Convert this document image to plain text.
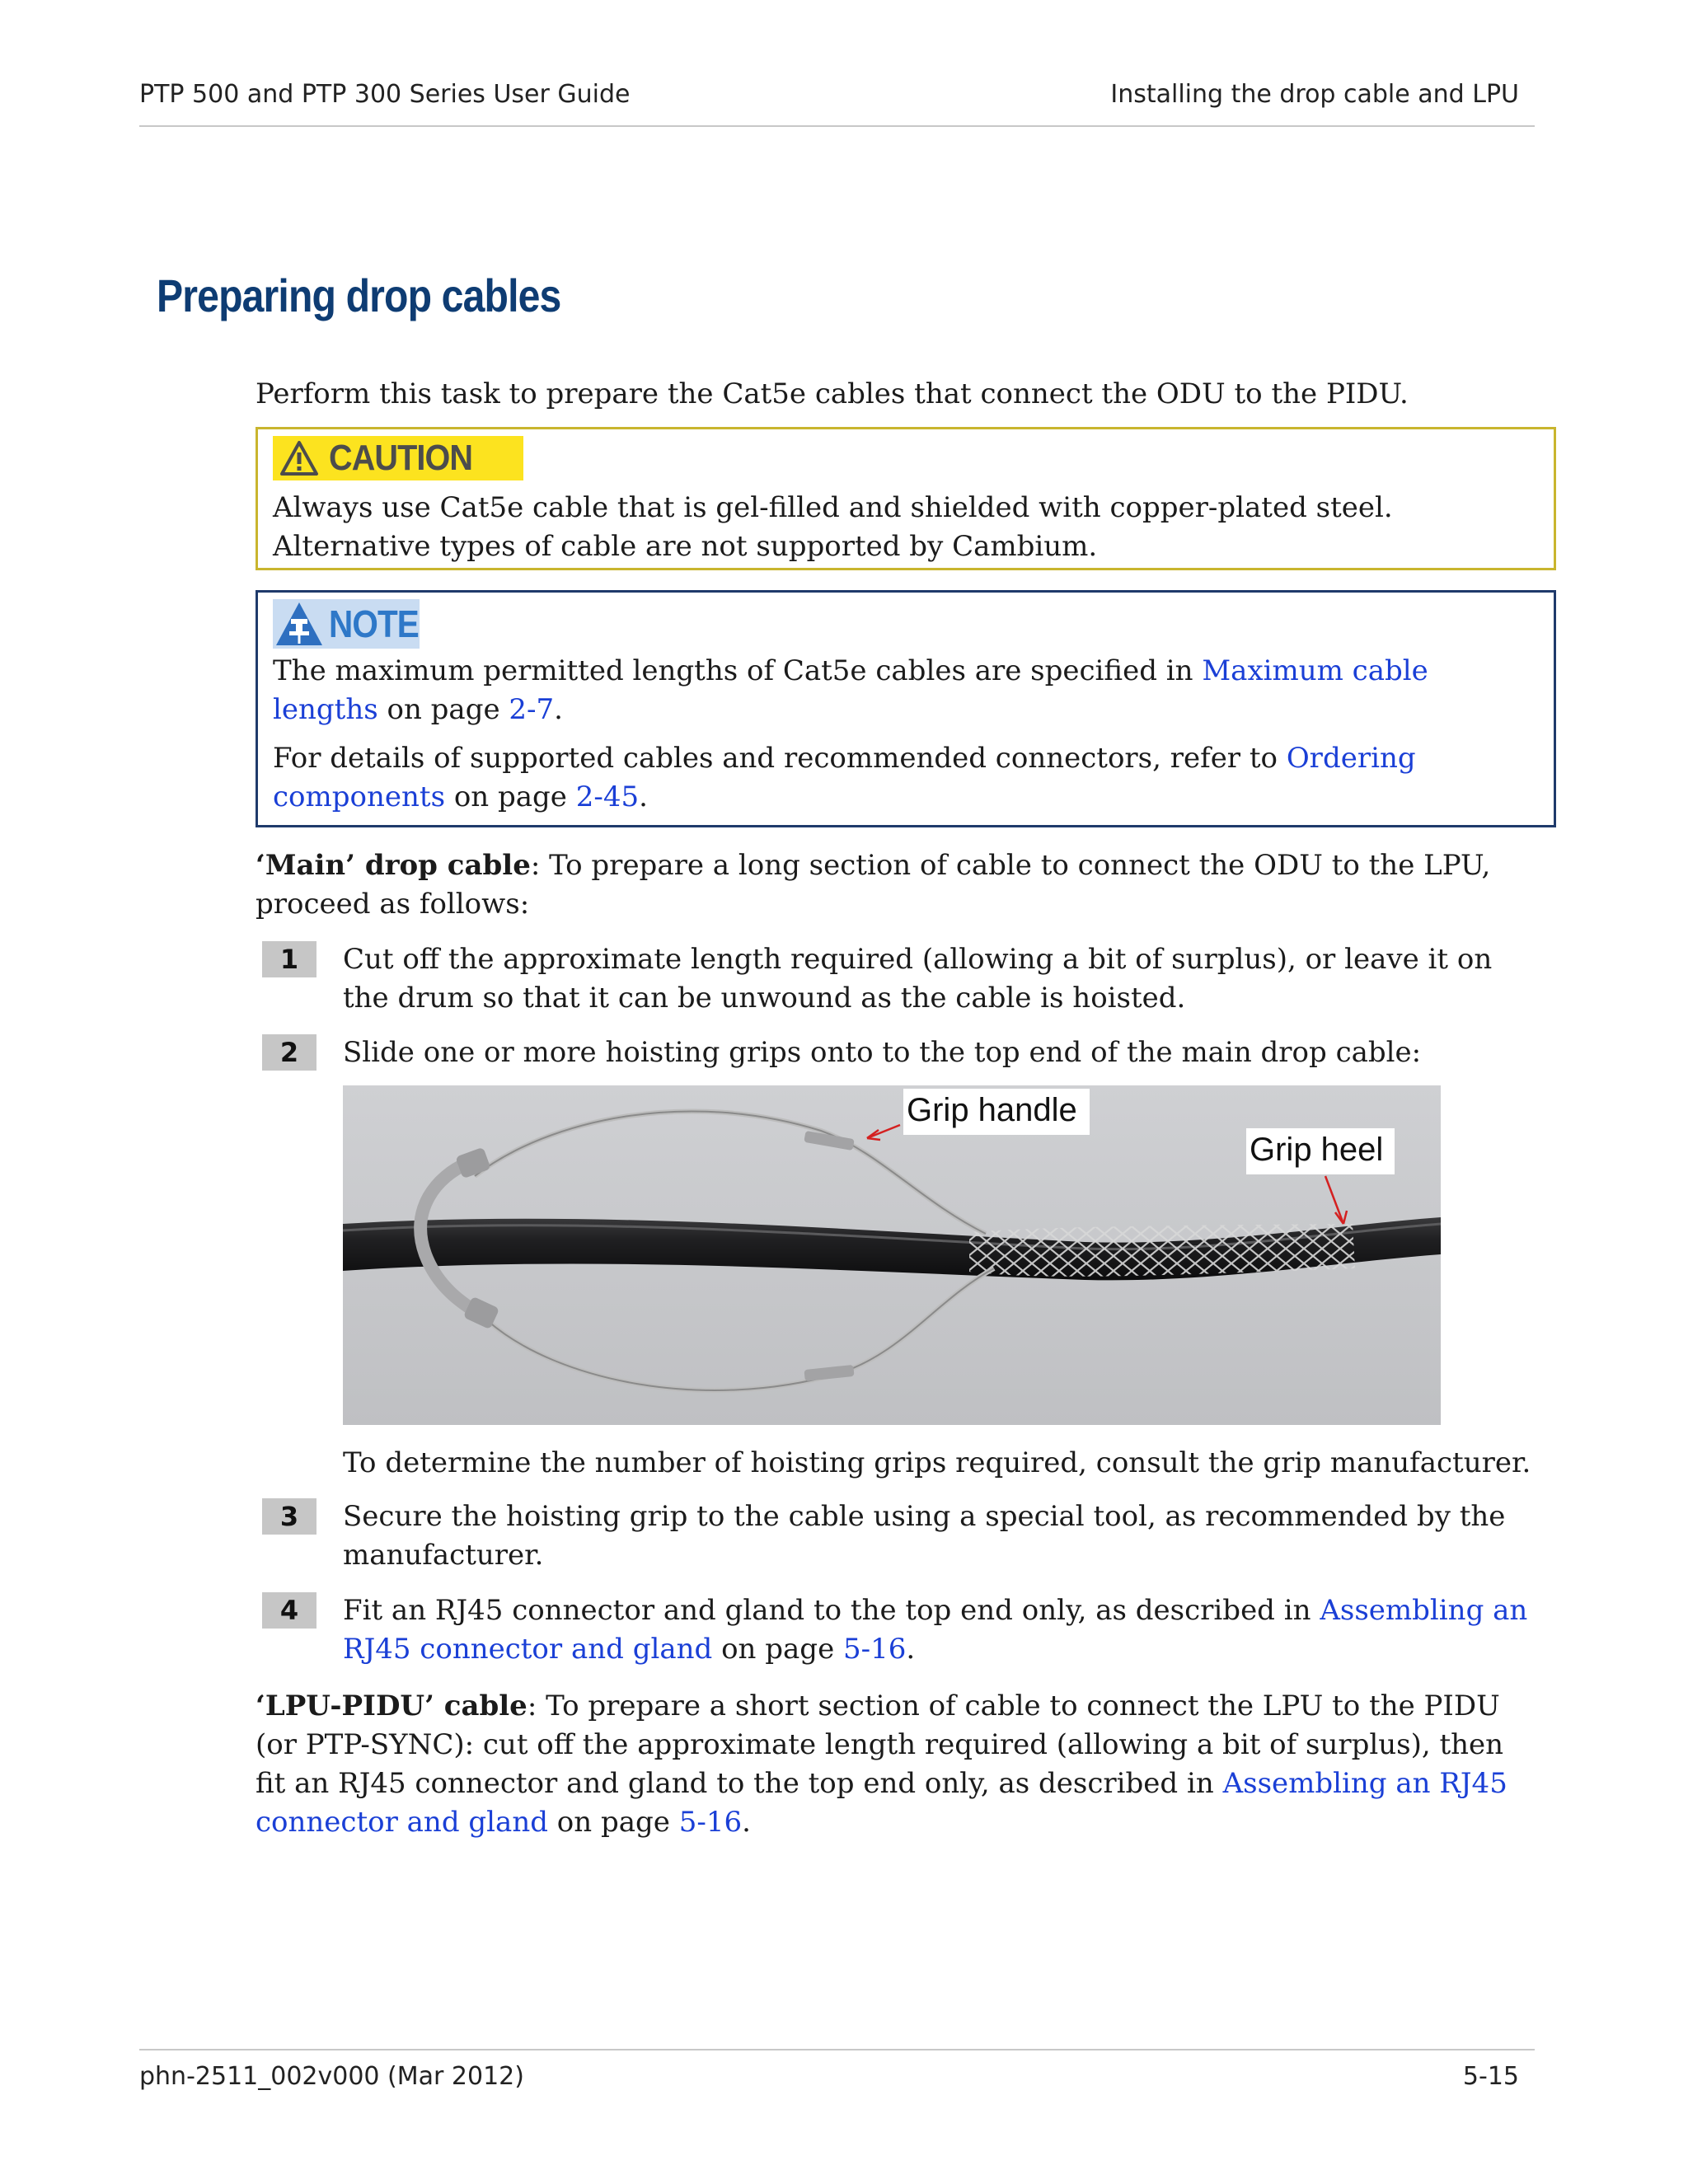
PTP 500 and PTP 300 Series User Guide	Installing the drop cable and LPU
Preparing drop cables

Perform this task to prepare the Cat5e cables that connect the ODU to the PIDU.

CAUTION

Always use Cat5e cable that is gel-filled and shielded with copper-plated steel. Alternative types of cable are not supported by Cambium.

NOTE

The maximum permitted lengths of Cat5e cables are specified in Maximum cable lengths on page 2-7.

For details of supported cables and recommended connectors, refer to Ordering components on page 2-45.

‘Main’ drop cable: To prepare a long section of cable to connect the ODU to the LPU, proceed as follows:

1	Cut off the approximate length required (allowing a bit of surplus), or leave it on the drum so that it can be unwound as the cable is hoisted.

2	Slide one or more hoisting grips onto to the top end of the main drop cable:

Grip handle
Grip heel

To determine the number of hoisting grips required, consult the grip manufacturer.

3	Secure the hoisting grip to the cable using a special tool, as recommended by the manufacturer.

4	Fit an RJ45 connector and gland to the top end only, as described in Assembling an RJ45 connector and gland on page 5-16.

‘LPU-PIDU’ cable: To prepare a short section of cable to connect the LPU to the PIDU (or PTP-SYNC): cut off the approximate length required (allowing a bit of surplus), then fit an RJ45 connector and gland to the top end only, as described in Assembling an RJ45 connector and gland on page 5-16.

phn-2511_002v000 (Mar 2012)	5-15
